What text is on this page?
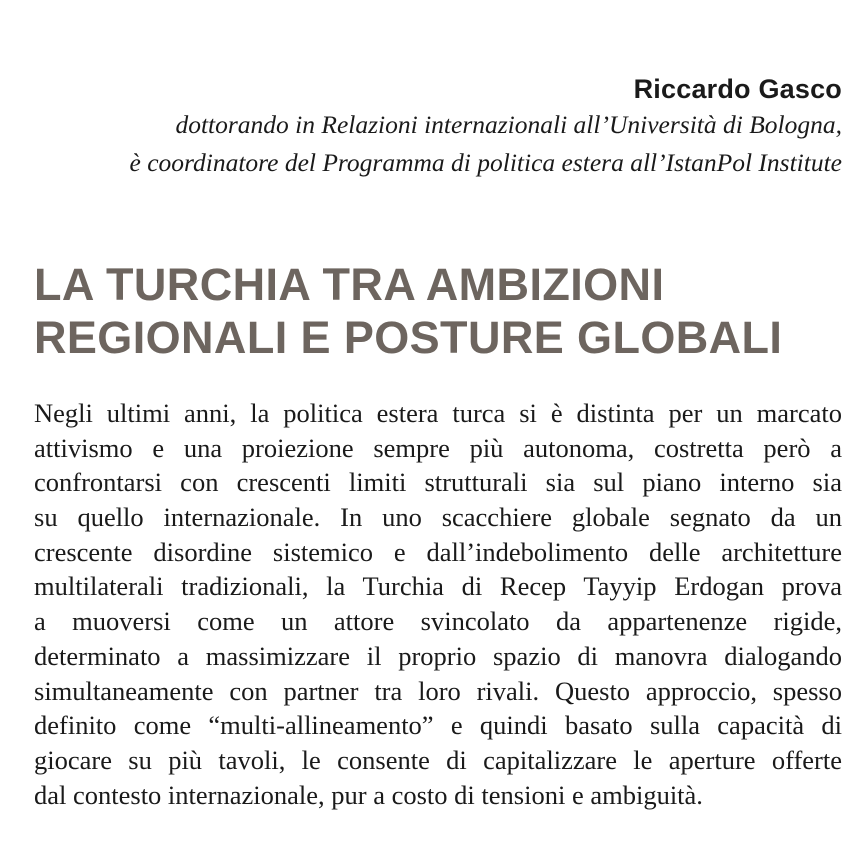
Riccardo Gasco
dottorando in Relazioni internazionali all’Università di Bologna,
è coordinatore del Programma di politica estera all’IstanPol Institute
LA TURCHIA TRA AMBIZIONI
REGIONALI E POSTURE GLOBALI
Negli ultimi anni, la politica estera turca si è distinta per un marcato
attivismo e una proiezione sempre più autonoma, costretta però a
confrontarsi con crescenti limiti strutturali sia sul piano interno sia
su quello internazionale. In uno scacchiere globale segnato da un
crescente disordine sistemico e dall’indebolimento delle architetture
multilaterali tradizionali, la Turchia di Recep Tayyip Erdogan prova
a muoversi come un attore svincolato da appartenenze rigide,
determinato a massimizzare il proprio spazio di manovra dialogando
simultaneamente con partner tra loro rivali. Questo approccio, spesso
definito come “multi-allineamento” e quindi basato sulla capacità di
giocare su più tavoli, le consente di capitalizzare le aperture offerte
dal contesto internazionale, pur a costo di tensioni e ambiguità.
